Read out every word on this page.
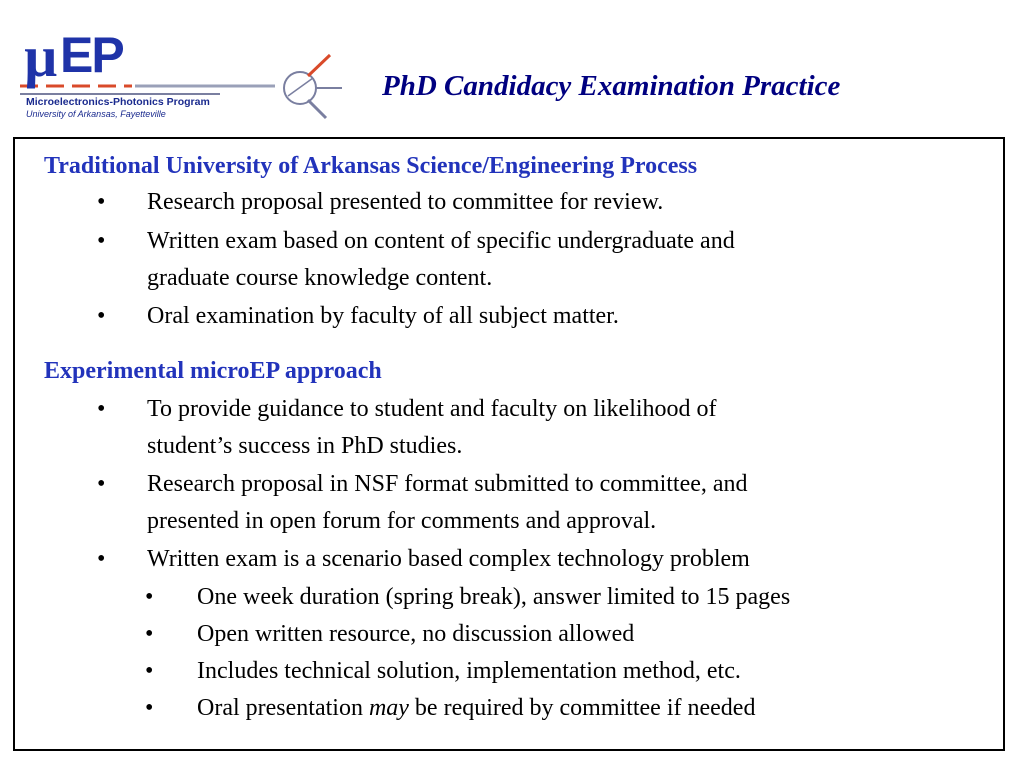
µ EP
Microelectronics-Photonics Program
University of Arkansas, Fayetteville
PhD Candidacy Examination Practice
Traditional University of Arkansas Science/Engineering Process
• Research proposal presented to committee for review.
• Written exam based on content of specific undergraduate and
graduate course knowledge content.
• Oral examination by faculty of all subject matter.
Experimental microEP approach
• To provide guidance to student and faculty on likelihood of
student’s success in PhD studies.
• Research proposal in NSF format submitted to committee, and
presented in open forum for comments and approval.
• Written exam is a scenario based complex technology problem
• One week duration (spring break), answer limited to 15 pages
• Open written resource, no discussion allowed
• Includes technical solution, implementation method, etc.
• Oral presentation may be required by committee if needed
